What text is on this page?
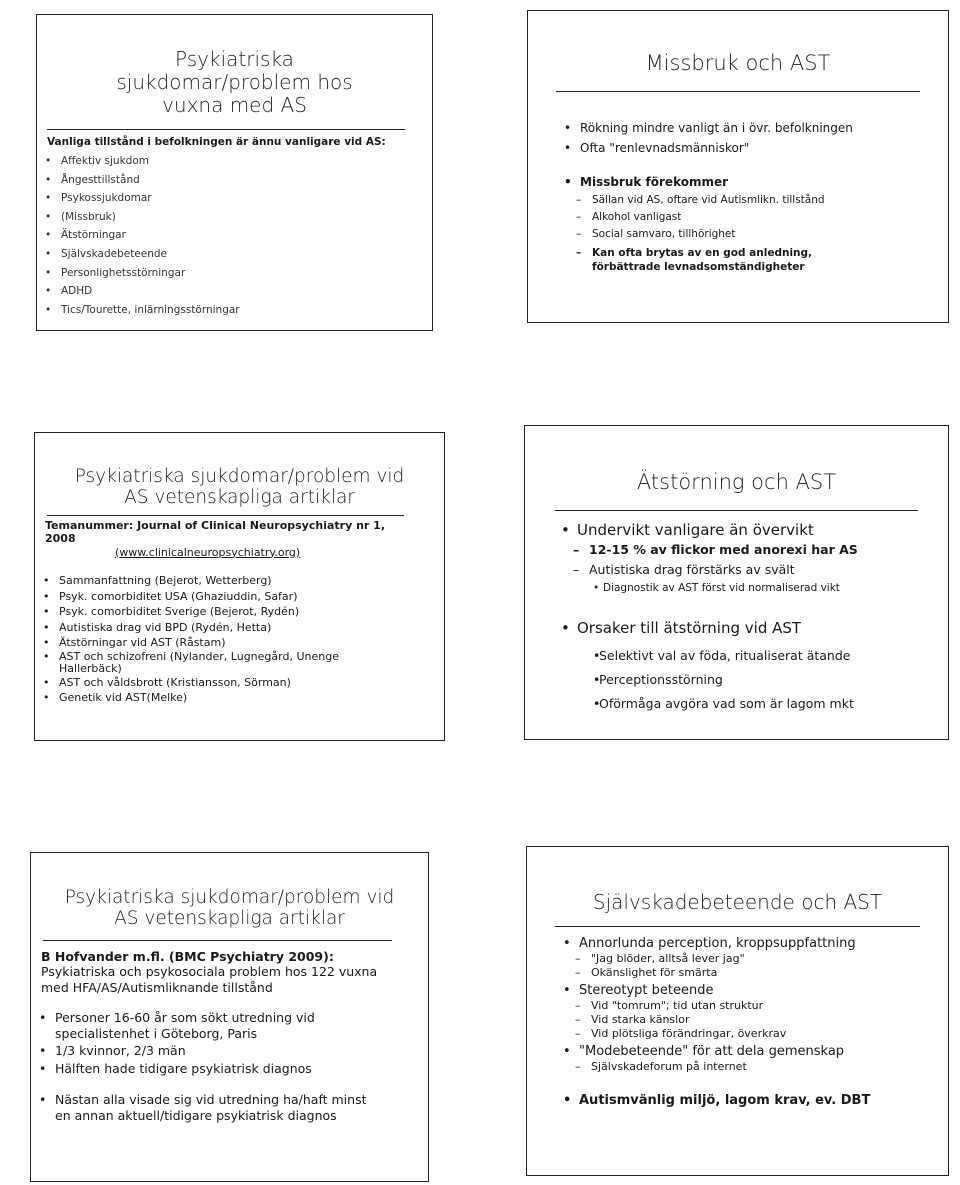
Psykiatriska sjukdomar/problem hos vuxna med AS
Vanliga tillstånd i befolkningen är ännu vanligare vid AS:
• Affektiv sjukdom
• Ångesttillstånd
• Psykossjukdomar
• (Missbruk)
• Ätstörningar
• Självskadebeteende
• Personlighetsstörningar
• ADHD
• Tics/Tourette, inlärningsstörningar
Missbruk och AST
• Rökning mindre vanligt än i övr. befolkningen
• Ofta "renlevnadsmänniskor"
• Missbruk förekommer
– Sällan vid AS, oftare vid Autismlikn. tillstånd
– Alkohol vanligast
– Social samvaro, tillhörighet
– Kan ofta brytas av en god anledning, förbättrade levnadsomständigheter
Psykiatriska sjukdomar/problem vid AS vetenskapliga artiklar
Temanummer: Journal of Clinical Neuropsychiatry nr 1, 2008
(www.clinicalneuropsychiatry.org)
• Sammanfattning (Bejerot, Wetterberg)
• Psyk. comorbiditet USA (Ghaziuddin, Safar)
• Psyk. comorbiditet Sverige (Bejerot, Rydén)
• Autistiska drag vid BPD (Rydén, Hetta)
• Ätstörningar vid AST (Råstam)
• AST och schizofreni (Nylander, Lugnegård, Unenge Hallerbäck)
• AST och våldsbrott (Kristiansson, Sörman)
• Genetik vid AST(Melke)
Ätstörning och AST
• Undervikt vanligare än övervikt
– 12-15 % av flickor med anorexi har AS
– Autistiska drag förstärks av svält
• Diagnostik av AST först vid normaliserad vikt
• Orsaker till ätstörning vid AST
• Selektivt val av föda, ritualiserat ätande
• Perceptionsstörning
• Oförmåga avgöra vad som är lagom mkt
Psykiatriska sjukdomar/problem vid AS vetenskapliga artiklar
B Hofvander m.fl. (BMC Psychiatry 2009):
Psykiatriska och psykosociala problem hos 122 vuxna med HFA/AS/Autismliknande tillstånd
• Personer 16-60 år som sökt utredning vid specialistenhet i Göteborg, Paris
• 1/3 kvinnor, 2/3 män
• Hälften hade tidigare psykiatrisk diagnos
• Nästan alla visade sig vid utredning ha/haft minst en annan aktuell/tidigare psykiatrisk diagnos
Självskadebeteende och AST
• Annorlunda perception, kroppsuppfattning
– "Jag blöder, alltså lever jag"
– Okänslighet för smärta
• Stereotypt beteende
– Vid "tomrum"; tid utan struktur
– Vid starka känslor
– Vid plötsliga förändringar, överkrav
• "Modebeteende" för att dela gemenskap
– Självskadeforum på internet
• Autismvänlig miljö, lagom krav, ev. DBT
